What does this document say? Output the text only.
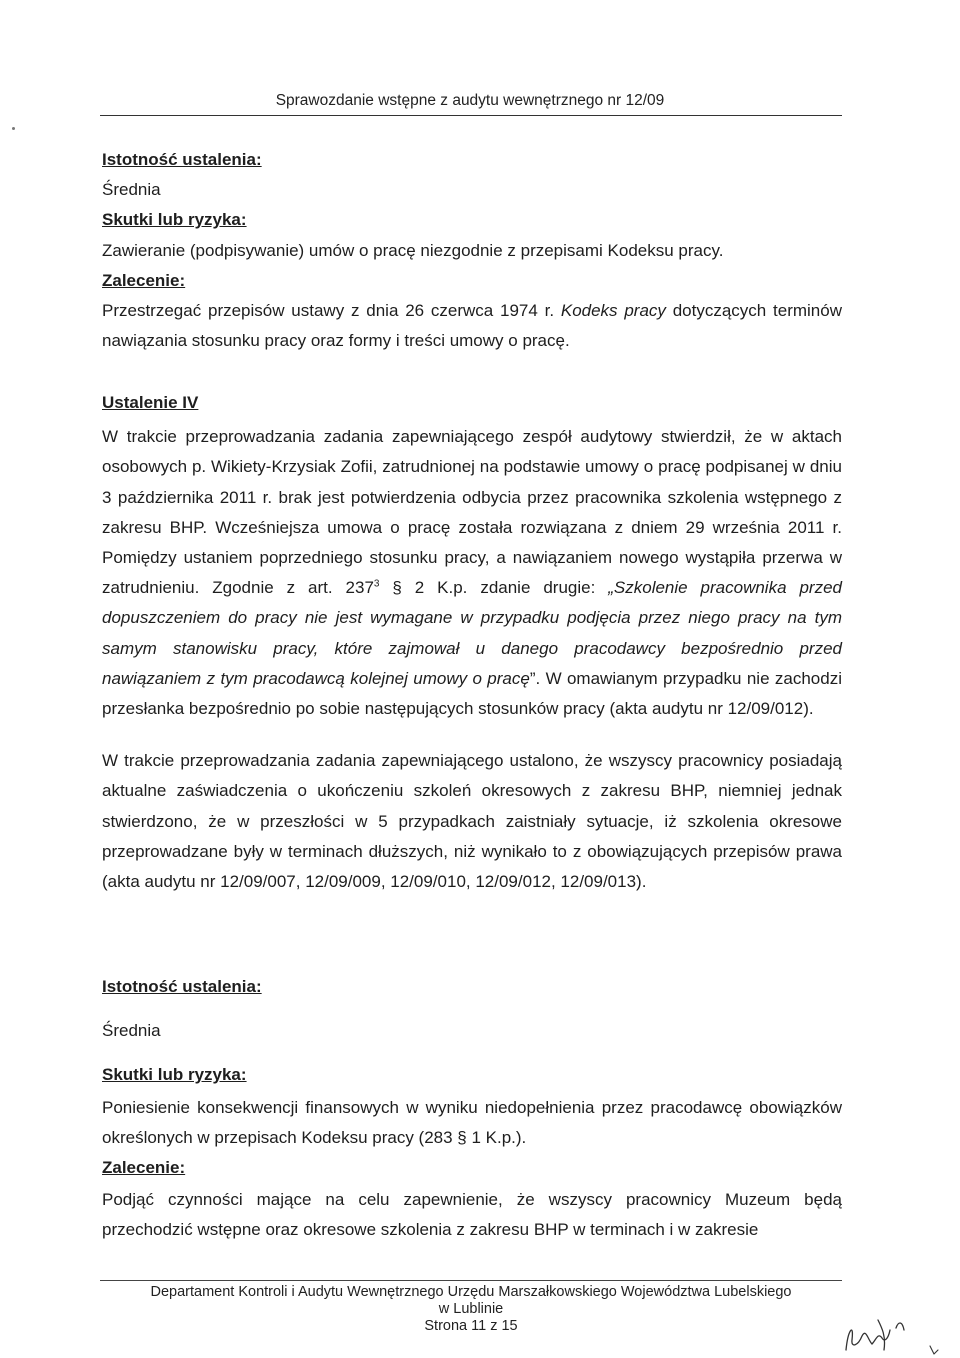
Sprawozdanie wstępne z audytu wewnętrznego nr 12/09
Istotność ustalenia:
Średnia
Skutki lub ryzyka:
Zawieranie (podpisywanie) umów o pracę niezgodnie z przepisami Kodeksu pracy.
Zalecenie:

Przestrzegać przepisów ustawy z dnia 26 czerwca 1974 r. Kodeks pracy dotyczących terminów nawiązania stosunku pracy oraz formy i treści umowy o pracę.

Ustalenie IV

W trakcie przeprowadzania zadania zapewniającego zespół audytowy stwierdził, że w aktach osobowych p. Wikiety-Krzysiak Zofii, zatrudnionej na podstawie umowy o pracę podpisanej w dniu 3 października 2011 r. brak jest potwierdzenia odbycia przez pracownika szkolenia wstępnego z zakresu BHP. Wcześniejsza umowa o pracę została rozwiązana z dniem 29 września 2011 r. Pomiędzy ustaniem poprzedniego stosunku pracy, a nawiązaniem nowego wystąpiła przerwa w zatrudnieniu. Zgodnie z art. $237^3$ § 2 K.p. zdanie drugie: „Szkolenie pracownika przed dopuszczeniem do pracy nie jest wymagane w przypadku podjęcia przez niego pracy na tym samym stanowisku pracy, które zajmował u danego pracodawcy bezpośrednio przed nawiązaniem z tym pracodawcą kolejnej umowy o pracę”. W omawianym przypadku nie zachodzi przesłanka bezpośrednio po sobie następujących stosunków pracy (akta audytu nr 12/09/012).

W trakcie przeprowadzania zadania zapewniającego ustalono, że wszyscy pracownicy posiadają aktualne zaświadczenia o ukończeniu szkoleń okresowych z zakresu BHP, niemniej jednak stwierdzono, że w przeszłości w 5 przypadkach zaistniały sytuacje, iż szkolenia okresowe przeprowadzane były w terminach dłuższych, niż wynikało to z obowiązujących przepisów prawa (akta audytu nr 12/09/007, 12/09/009, 12/09/010, 12/09/012, 12/09/013).

Istotność ustalenia:
Średnia
Skutki lub ryzyka:

Poniesienie konsekwencji finansowych w wyniku niedopełnienia przez pracodawcę obowiązków określonych w przepisach Kodeksu pracy (283 § 1 K.p.).

Zalecenie:

Podjąć czynności mające na celu zapewnienie, że wszyscy pracownicy Muzeum będą przechodzić wstępne oraz okresowe szkolenia z zakresu BHP w terminach i w zakresie

Departament Kontroli i Audytu Wewnętrznego Urzędu Marszałkowskiego Województwa Lubelskiego
w Lublinie
Strona 11 z 15
